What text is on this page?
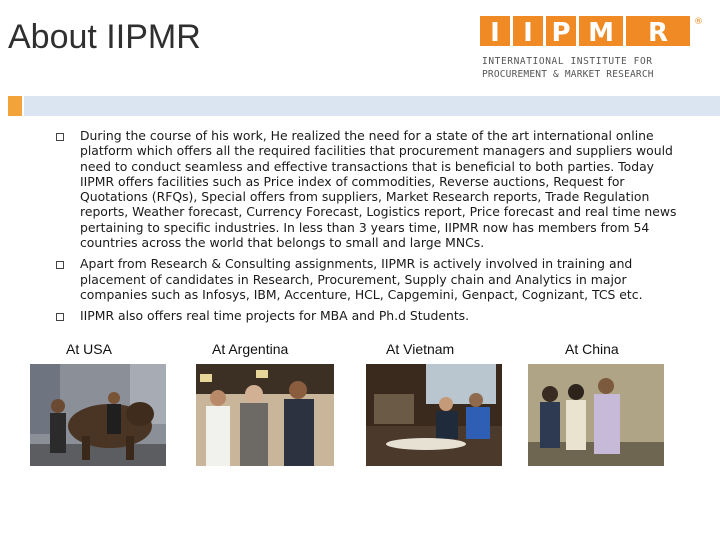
About IIPMR	I I P M R	®
INTERNATIONAL INSTITUTE FOR
PROCUREMENT & MARKET RESEARCH
During the course of his work, He realized the need for a state of the art international online platform which offers all the required facilities that procurement managers and suppliers would need to conduct seamless and effective transactions that is beneficial to both parties. Today IIPMR offers facilities such as Price index of commodities, Reverse auctions, Request for Quotations (RFQs), Special offers from suppliers, Market Research reports, Trade Regulation reports, Weather forecast, Currency Forecast, Logistics report, Price forecast and real time news pertaining to specific industries. In less than 3 years time, IIPMR now has members from 54 countries across the world that belongs to small and large MNCs.
Apart from Research & Consulting assignments, IIPMR is actively involved in training and placement of candidates in Research, Procurement, Supply chain and Analytics in major companies such as Infosys, IBM, Accenture, HCL, Capgemini, Genpact, Cognizant, TCS etc.
IIPMR also offers real time projects for MBA and Ph.d Students.
At USA	At Argentina	At Vietnam	At China
